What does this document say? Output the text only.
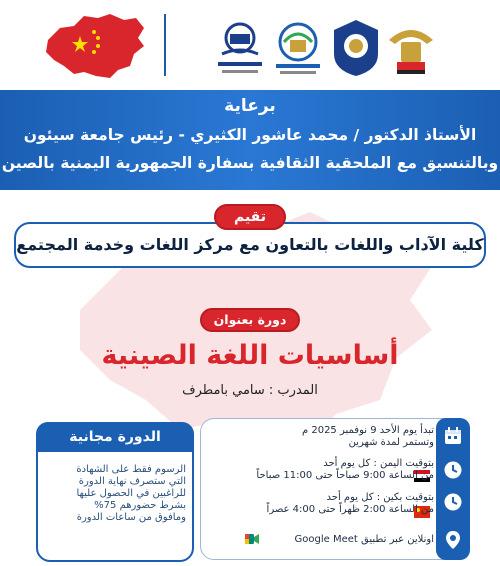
برعاية
الأستاذ الدكتور / محمد عاشور الكثيري - رئيس جامعة سيئون
وبالتنسيق مع الملحقية الثقافية بسفارة الجمهورية اليمنية بالصين
كلية الآداب واللغات بالتعاون مع مركز اللغات وخدمة المجتمع
تقيم
دورة بعنوان
أساسيات اللغة الصينية
المدرب : سامي بامطرف
تبدأ يوم الأحد 9 نوفمبر 2025 م
وتستمر لمدة شهرين
بتوقيت اليمن : كل يوم أحد
من الساعة 9:00 صباحاً حتى 11:00 صباحاً
بتوقيت بكين : كل يوم أحد
من الساعة 2:00 ظهراً حتى 4:00 عصراً
اونلاين عبر تطبيق Google Meet
الدورة مجانية
الرسوم فقط على الشهادة
التي ستصرف نهاية الدورة
للراغبين في الحصول عليها
بشرط حضورهم 75%
ومافوق من ساعات الدورة
